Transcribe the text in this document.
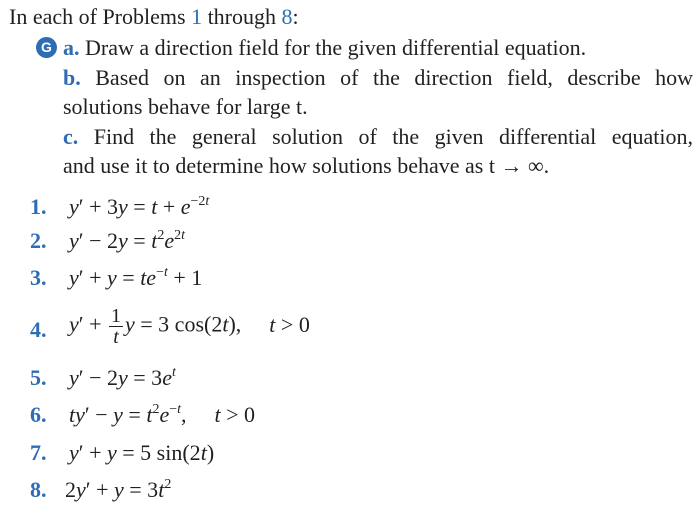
In each of Problems 1 through 8:
G a. Draw a direction field for the given differential equation.

b. Based on an inspection of the direction field, describe how

solutions behave for large t.

c. Find the general solution of the given differential equation,

and use it to determine how solutions behave as t → ∞.

1.	$y' + 3y = t + e^{-2t}$
2.	$y' - 2y = t^2e^{2t}$
3.	$y' + y = te^{-t} + 1$
4.	$y' + \frac{1}{t}$ y = 3 cos(2t), t > 0
5.	$y' - 2y = 3e^t$
6.	$ty' - y = t^2e^{-t}$, t > 0
7.	y′ + y = 5 sin(2t)
8. $2y' + y = 3t^2$
